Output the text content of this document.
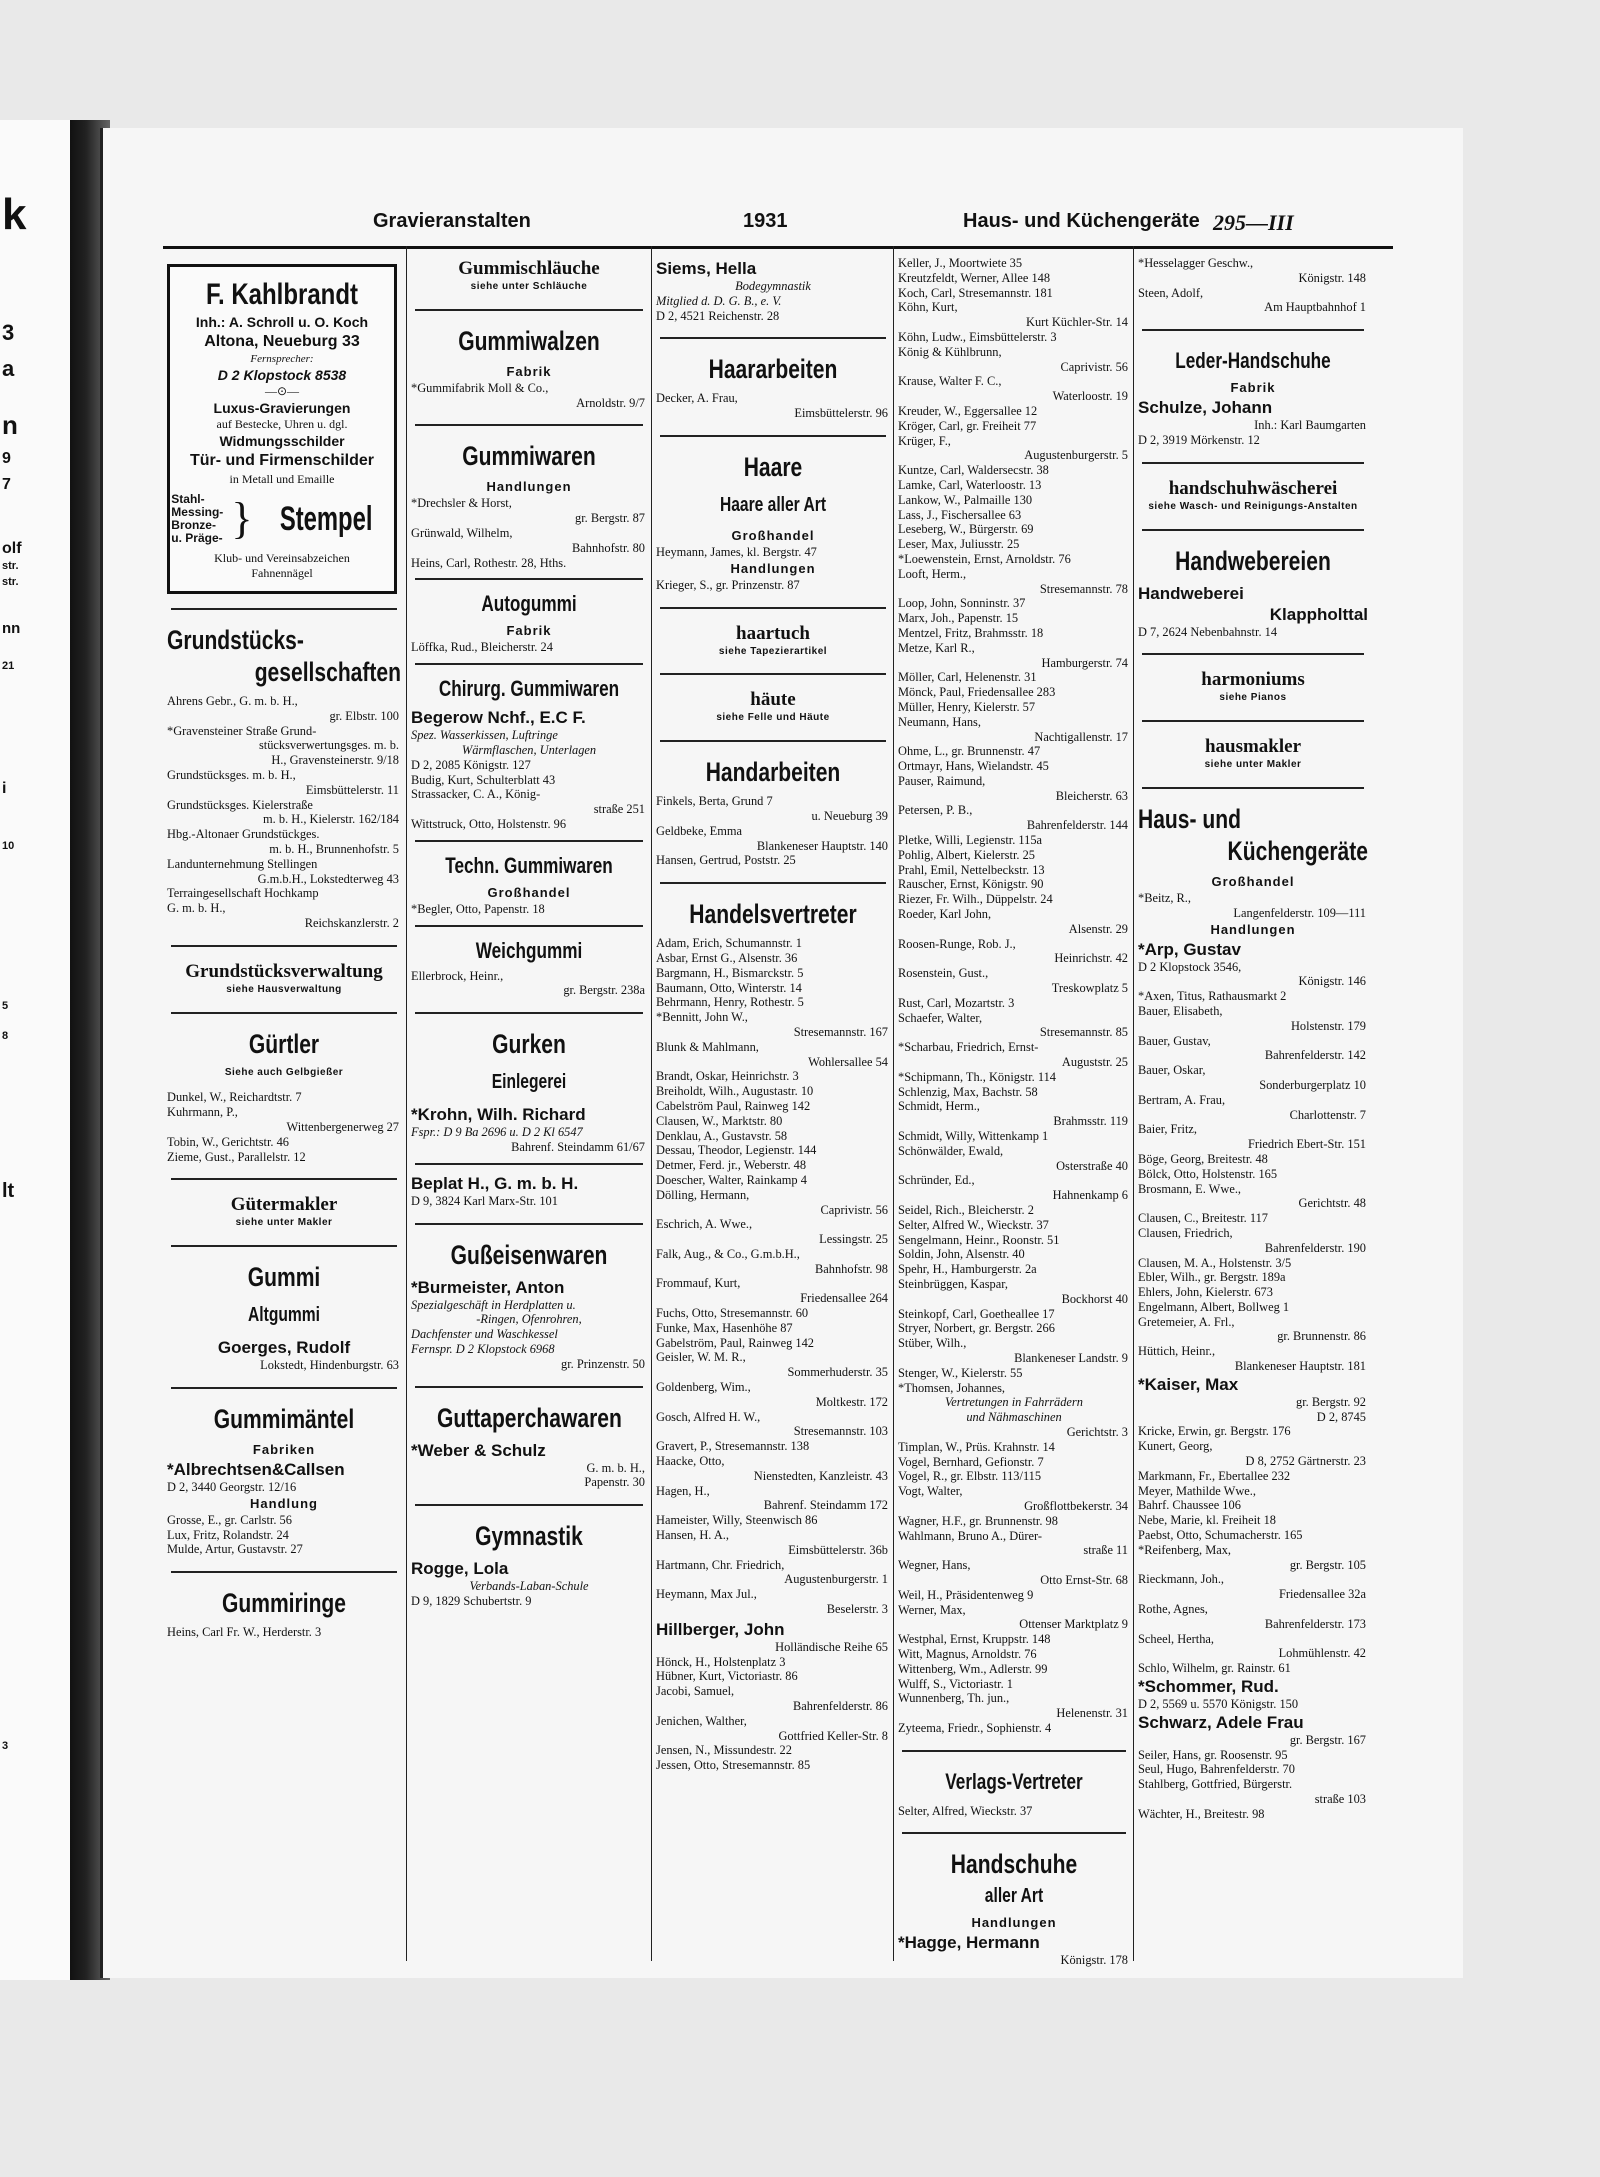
k
3
a
n
9
7
olf
str.
str.
nn
21
i
10
5
8
lt
3
Gravieranstalten	1931	Haus- und Küchengeräte 295—III
F. Kahlbrandt
Inh.: A. Schroll u. O. Koch
Altona, Neueburg 33
Fernsprecher:
D 2 Klopstock 8538
—⊙—
Luxus-Gravierungen
auf Bestecke, Uhren u. dgl.
Widmungsschilder
Tür- und Firmenschilder
in Metall und Emaille
Stahl-
Messing-
Bronze-
u. Präge- } Stempel
Klub- und Vereinsabzeichen
Fahnennägel
Grundstücks-
gesellschaften
Ahrens Gebr., G. m. b. H.,
gr. Elbstr. 100
*Gravensteiner Straße Grund-
stücksverwertungsges. m. b.
H., Gravensteinerstr. 9/18
Grundstücksges. m. b. H.,
Eimsbüttelerstr. 11
Grundstücksges. Kielerstraße
m. b. H., Kielerstr. 162/184
Hbg.-Altonaer Grundstückges.
m. b. H., Brunnenhofstr. 5
Landunternehmung Stellingen
G.m.b.H., Lokstedterweg 43
Terraingesellschaft Hochkamp
G. m. b. H.,
Reichskanzlerstr. 2
Grundstücksverwaltung
siehe Hausverwaltung
Gürtler
Siehe auch Gelbgießer
Dunkel, W., Reichardtstr. 7
Kuhrmann, P.,
Wittenbergenerweg 27
Tobin, W., Gerichtstr. 46
Zieme, Gust., Parallelstr. 12
Gütermakler
siehe unter Makler
Gummi
Altgummi
Goerges, Rudolf
Lokstedt, Hindenburgstr. 63
Gummimäntel
Fabriken
*Albrechtsen&Callsen
D 2, 3440 Georgstr. 12/16
Handlung
Grosse, E., gr. Carlstr. 56
Lux, Fritz, Rolandstr. 24
Mulde, Artur, Gustavstr. 27
Gummiringe
Heins, Carl Fr. W., Herderstr. 3
Gummischläuche
siehe unter Schläuche
Gummiwalzen
Fabrik
*Gummifabrik Moll & Co.,
Arnoldstr. 9/7
Gummiwaren
Handlungen
*Drechsler & Horst,
gr. Bergstr. 87
Grünwald, Wilhelm,
Bahnhofstr. 80
Heins, Carl, Rothestr. 28, Hths.
Autogummi
Fabrik
Löffka, Rud., Bleicherstr. 24
Chirurg. Gummiwaren
Begerow Nchf., E.C F.
Spez. Wasserkissen, Luftringe
Wärmflaschen, Unterlagen
D 2, 2085 Königstr. 127
Budig, Kurt, Schulterblatt 43
Strassacker, C. A., König-
straße 251
Wittstruck, Otto, Holstenstr. 96
Techn. Gummiwaren
Großhandel
*Begler, Otto, Papenstr. 18
Weichgummi
Ellerbrock, Heinr.,
gr. Bergstr. 238a
Gurken
Einlegerei
*Krohn, Wilh. Richard
Fspr.: D 9 Ba 2696 u. D 2 Kl 6547
Bahrenf. Steindamm 61/67
Beplat H., G. m. b. H.
D 9, 3824 Karl Marx-Str. 101
Gußeisenwaren
*Burmeister, Anton
Spezialgeschäft in Herdplatten u.
-Ringen, Ofenrohren,
Dachfenster und Waschkessel
Fernspr. D 2 Klopstock 6968
gr. Prinzenstr. 50
Guttaperchawaren
*Weber & Schulz
G. m. b. H.,
Papenstr. 30
Gymnastik
Rogge, Lola
Verbands-Laban-Schule
D 9, 1829 Schubertstr. 9
Siems, Hella
Bodegymnastik
Mitglied d. D. G. B., e. V.
D 2, 4521 Reichenstr. 28
Haararbeiten
Decker, A. Frau,
Eimsbüttelerstr. 96
Haare
Haare aller Art
Großhandel
Heymann, James, kl. Bergstr. 47
Handlungen
Krieger, S., gr. Prinzenstr. 87
haartuch
siehe Tapezierartikel
häute
siehe Felle und Häute
Handarbeiten
Finkels, Berta, Grund 7
u. Neueburg 39
Geldbeke, Emma
Blankeneser Hauptstr. 140
Hansen, Gertrud, Poststr. 25
Handelsvertreter
Adam, Erich, Schumannstr. 1
Asbar, Ernst G., Alsenstr. 36
Bargmann, H., Bismarckstr. 5
Baumann, Otto, Winterstr. 14
Behrmann, Henry, Rothestr. 5
*Bennitt, John W.,
Stresemannstr. 167
Blunk & Mahlmann,
Wohlersallee 54
Brandt, Oskar, Heinrichstr. 3
Breiholdt, Wilh., Augustastr. 10
Cabelström Paul, Rainweg 142
Clausen, W., Marktstr. 80
Denklau, A., Gustavstr. 58
Dessau, Theodor, Legienstr. 144
Detmer, Ferd. jr., Weberstr. 48
Doescher, Walter, Rainkamp 4
Dölling, Hermann,
Caprivistr. 56
Eschrich, A. Wwe.,
Lessingstr. 25
Falk, Aug., & Co., G.m.b.H.,
Bahnhofstr. 98
Frommauf, Kurt,
Friedensallee 264
Fuchs, Otto, Stresemannstr. 60
Funke, Max, Hasenhöhe 87
Gabelström, Paul, Rainweg 142
Geisler, W. M. R.,
Sommerhuderstr. 35
Goldenberg, Wim.,
Moltkestr. 172
Gosch, Alfred H. W.,
Stresemannstr. 103
Gravert, P., Stresemannstr. 138
Haacke, Otto,
Nienstedten, Kanzleistr. 43
Hagen, H.,
Bahrenf. Steindamm 172
Hameister, Willy, Steenwisch 86
Hansen, H. A.,
Eimsbüttelerstr. 36b
Hartmann, Chr. Friedrich,
Augustenburgerstr. 1
Heymann, Max Jul.,
Beselerstr. 3
Hillberger, John
Holländische Reihe 65
Hönck, H., Holstenplatz 3
Hübner, Kurt, Victoriastr. 86
Jacobi, Samuel,
Bahrenfelderstr. 86
Jenichen, Walther,
Gottfried Keller-Str. 8
Jensen, N., Missundestr. 22
Jessen, Otto, Stresemannstr. 85
Keller, J., Moortwiete 35
Kreutzfeldt, Werner, Allee 148
Koch, Carl, Stresemannstr. 181
Köhn, Kurt,
Kurt Küchler-Str. 14
Köhn, Ludw., Eimsbüttelerstr. 3
König & Kühlbrunn,
Caprivistr. 56
Krause, Walter F. C.,
Waterloostr. 19
Kreuder, W., Eggersallee 12
Kröger, Carl, gr. Freiheit 77
Krüger, F.,
Augustenburgerstr. 5
Kuntze, Carl, Waldersecstr. 38
Lamke, Carl, Waterloostr. 13
Lankow, W., Palmaille 130
Lass, J., Fischersallee 63
Leseberg, W., Bürgerstr. 69
Leser, Max, Juliusstr. 25
*Loewenstein, Ernst, Arnoldstr. 76
Looft, Herm.,
Stresemannstr. 78
Loop, John, Sonninstr. 37
Marx, Joh., Papenstr. 15
Mentzel, Fritz, Brahmsstr. 18
Metze, Karl R.,
Hamburgerstr. 74
Möller, Carl, Helenenstr. 31
Mönck, Paul, Friedensallee 283
Müller, Henry, Kielerstr. 57
Neumann, Hans,
Nachtigallenstr. 17
Ohme, L., gr. Brunnenstr. 47
Ortmayr, Hans, Wielandstr. 45
Pauser, Raimund,
Bleicherstr. 63
Petersen, P. B.,
Bahrenfelderstr. 144
Pletke, Willi, Legienstr. 115a
Pohlig, Albert, Kielerstr. 25
Prahl, Emil, Nettelbeckstr. 13
Rauscher, Ernst, Königstr. 90
Riezer, Fr. Wilh., Düppelstr. 24
Roeder, Karl John,
Alsenstr. 29
Roosen-Runge, Rob. J.,
Heinrichstr. 42
Rosenstein, Gust.,
Treskowplatz 5
Rust, Carl, Mozartstr. 3
Schaefer, Walter,
Stresemannstr. 85
*Scharbau, Friedrich, Ernst-
Auguststr. 25
*Schipmann, Th., Königstr. 114
Schlenzig, Max, Bachstr. 58
Schmidt, Herm.,
Brahmsstr. 119
Schmidt, Willy, Wittenkamp 1
Schönwälder, Ewald,
Osterstraße 40
Schründer, Ed.,
Hahnenkamp 6
Seidel, Rich., Bleicherstr. 2
Selter, Alfred W., Wieckstr. 37
Sengelmann, Heinr., Roonstr. 51
Soldin, John, Alsenstr. 40
Spehr, H., Hamburgerstr. 2a
Steinbrüggen, Kaspar,
Bockhorst 40
Steinkopf, Carl, Goetheallee 17
Stryer, Norbert, gr. Bergstr. 266
Stüber, Wilh.,
Blankeneser Landstr. 9
Stenger, W., Kielerstr. 55
*Thomsen, Johannes,
Vertretungen in Fahrrädern
und Nähmaschinen
Gerichtstr. 3
Timplan, W., Prüs. Krahnstr. 14
Vogel, Bernhard, Gefionstr. 7
Vogel, R., gr. Elbstr. 113/115
Vogt, Walter,
Großflottbekerstr. 34
Wagner, H.F., gr. Brunnenstr. 98
Wahlmann, Bruno A., Dürer-
straße 11
Wegner, Hans,
Otto Ernst-Str. 68
Weil, H., Präsidentenweg 9
Werner, Max,
Ottenser Marktplatz 9
Westphal, Ernst, Kruppstr. 148
Witt, Magnus, Arnoldstr. 76
Wittenberg, Wm., Adlerstr. 99
Wulff, S., Victoriastr. 1
Wunnenberg, Th. jun.,
Helenenstr. 31
Zyteema, Friedr., Sophienstr. 4
Verlags-Vertreter
Selter, Alfred, Wieckstr. 37
Handschuhe
aller Art
Handlungen
*Hagge, Hermann
Königstr. 178
*Hesselagger Geschw.,
Königstr. 148
Steen, Adolf,
Am Hauptbahnhof 1
Leder-Handschuhe
Fabrik
Schulze, Johann
Inh.: Karl Baumgarten
D 2, 3919 Mörkenstr. 12
handschuhwäscherei
siehe Wasch- und Reinigungs-Anstalten
Handwebereien
Handweberei
Klappholttal
D 7, 2624 Nebenbahnstr. 14
harmoniums
siehe Pianos
hausmakler
siehe unter Makler
Haus- und
Küchengeräte
Großhandel
*Beitz, R.,
Langenfelderstr. 109—111
Handlungen
*Arp, Gustav
D 2 Klopstock 3546,
Königstr. 146
*Axen, Titus, Rathausmarkt 2
Bauer, Elisabeth,
Holstenstr. 179
Bauer, Gustav,
Bahrenfelderstr. 142
Bauer, Oskar,
Sonderburgerplatz 10
Bertram, A. Frau,
Charlottenstr. 7
Baier, Fritz,
Friedrich Ebert-Str. 151
Böge, Georg, Breitestr. 48
Bölck, Otto, Holstenstr. 165
Brosmann, E. Wwe.,
Gerichtstr. 48
Clausen, C., Breitestr. 117
Clausen, Friedrich,
Bahrenfelderstr. 190
Clausen, M. A., Holstenstr. 3/5
Ebler, Wilh., gr. Bergstr. 189a
Ehlers, John, Kielerstr. 673
Engelmann, Albert, Bollweg 1
Gretemeier, A. Frl.,
gr. Brunnenstr. 86
Hüttich, Heinr.,
Blankeneser Hauptstr. 181
*Kaiser, Max
gr. Bergstr. 92
D 2, 8745
Kricke, Erwin, gr. Bergstr. 176
Kunert, Georg,
D 8, 2752 Gärtnerstr. 23
Markmann, Fr., Ebertallee 232
Meyer, Mathilde Wwe.,
Bahrf. Chaussee 106
Nebe, Marie, kl. Freiheit 18
Paebst, Otto, Schumacherstr. 165
*Reifenberg, Max,
gr. Bergstr. 105
Rieckmann, Joh.,
Friedensallee 32a
Rothe, Agnes,
Bahrenfelderstr. 173
Scheel, Hertha,
Lohmühlenstr. 42
Schlo, Wilhelm, gr. Rainstr. 61
*Schommer, Rud.
D 2, 5569 u. 5570 Königstr. 150
Schwarz, Adele Frau
gr. Bergstr. 167
Seiler, Hans, gr. Roosenstr. 95
Seul, Hugo, Bahrenfelderstr. 70
Stahlberg, Gottfried, Bürgerstr.
straße 103
Wächter, H., Breitestr. 98
